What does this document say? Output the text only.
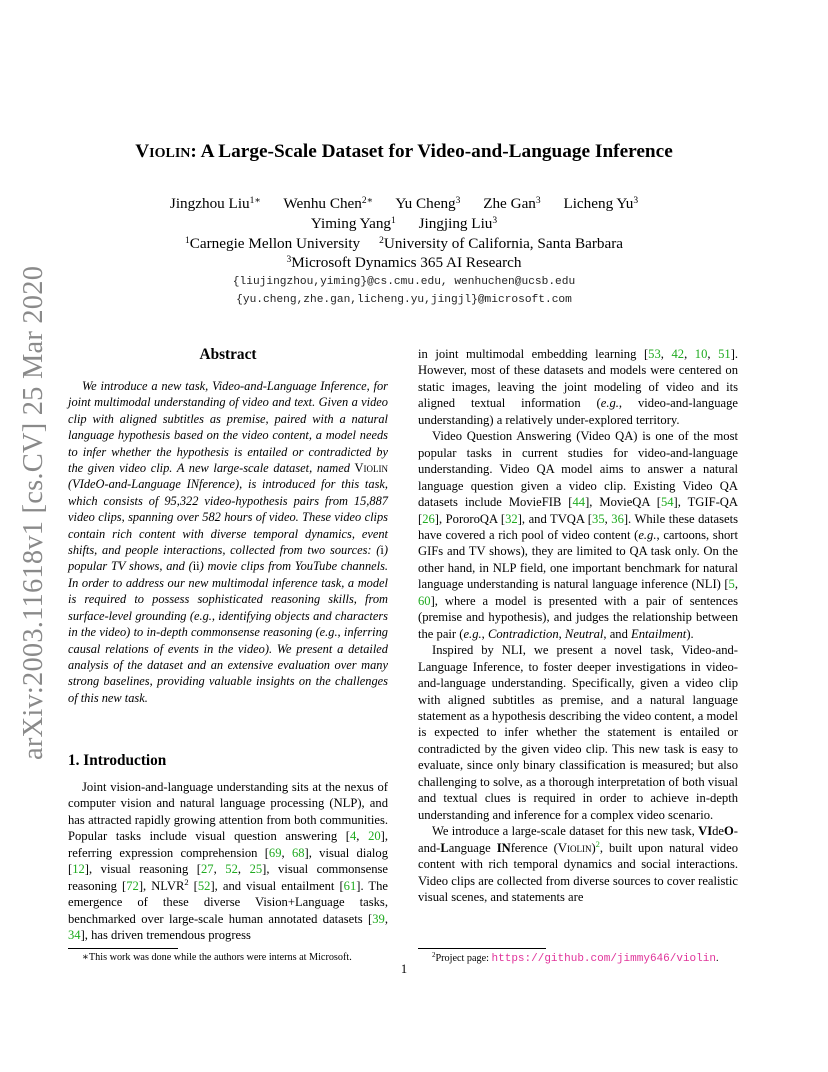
arXiv:2003.11618v1 [cs.CV] 25 Mar 2020
Violin: A Large-Scale Dataset for Video-and-Language Inference
Jingzhou Liu$^{1∗}$ Wenhu Chen$^{2∗}$ Yu Cheng$^3$ Zhe Gan$^3$ Licheng Yu$^3$
Yiming Yang$^1$ Jingjing Liu$^3$
$^1$Carnegie Mellon University $^2$University of California, Santa Barbara
$^3$Microsoft Dynamics 365 AI Research
{liujingzhou,yiming}@cs.cmu.edu, wenhuchen@ucsb.edu
{yu.cheng,zhe.gan,licheng.yu,jingjl}@microsoft.com
Abstract
We introduce a new task, Video-and-Language Inference, for joint multimodal understanding of video and text. Given a video clip with aligned subtitles as premise, paired with a natural language hypothesis based on the video content, a model needs to infer whether the hypothesis is entailed or contradicted by the given video clip. A new large-scale dataset, named Violin (VIdeO-and-Language INference), is introduced for this task, which consists of 95,322 video-hypothesis pairs from 15,887 video clips, spanning over 582 hours of video. These video clips contain rich content with diverse temporal dynamics, event shifts, and people interactions, collected from two sources: (i) popular TV shows, and (ii) movie clips from YouTube channels. In order to address our new multimodal inference task, a model is required to possess sophisticated reasoning skills, from surface-level grounding (e.g., identifying objects and characters in the video) to in-depth commonsense reasoning (e.g., inferring causal relations of events in the video). We present a detailed analysis of the dataset and an extensive evaluation over many strong baselines, providing valuable insights on the challenges of this new task.
1. Introduction

Joint vision-and-language understanding sits at the nexus of computer vision and natural language processing (NLP), and has attracted rapidly growing attention from both communities. Popular tasks include visual question answering [4, 20], referring expression comprehension [69, 68], visual dialog [12], visual reasoning [27, 52, 25], visual commonsense reasoning [72], NLVR$^2$ [52], and visual entailment [61]. The emergence of these diverse Vision+Language tasks, benchmarked over large-scale human annotated datasets [39, 34], has driven tremendous progress

∗This work was done while the authors were interns at Microsoft.

in joint multimodal embedding learning [53, 42, 10, 51]. However, most of these datasets and models were centered on static images, leaving the joint modeling of video and its aligned textual information (e.g., video-and-language understanding) a relatively under-explored territory.

Video Question Answering (Video QA) is one of the most popular tasks in current studies for video-and-language understanding. Video QA model aims to answer a natural language question given a video clip. Existing Video QA datasets include MovieFIB [44], MovieQA [54], TGIF-QA [26], PororoQA [32], and TVQA [35, 36]. While these datasets have covered a rich pool of video content (e.g., cartoons, short GIFs and TV shows), they are limited to QA task only. On the other hand, in NLP field, one important benchmark for natural language understanding is natural language inference (NLI) [5, 60], where a model is presented with a pair of sentences (premise and hypothesis), and judges the relationship between the pair (e.g., Contradiction, Neutral, and Entailment).

Inspired by NLI, we present a novel task, Video-and-Language Inference, to foster deeper investigations in video-and-language understanding. Specifically, given a video clip with aligned subtitles as premise, and a natural language statement as a hypothesis describing the video content, a model is expected to infer whether the statement is entailed or contradicted by the given video clip. This new task is easy to evaluate, since only binary classification is measured; but also challenging to solve, as a thorough interpretation of both visual and textual clues is required in order to achieve in-depth understanding and inference for a complex video scenario.

We introduce a large-scale dataset for this new task, VIdeO-and-Language INference (Violin)$^2$, built upon natural video content with rich temporal dynamics and social interactions. Video clips are collected from diverse sources to cover realistic visual scenes, and statements are

$^2$Project page: https://github.com/jimmy646/violin.
1
